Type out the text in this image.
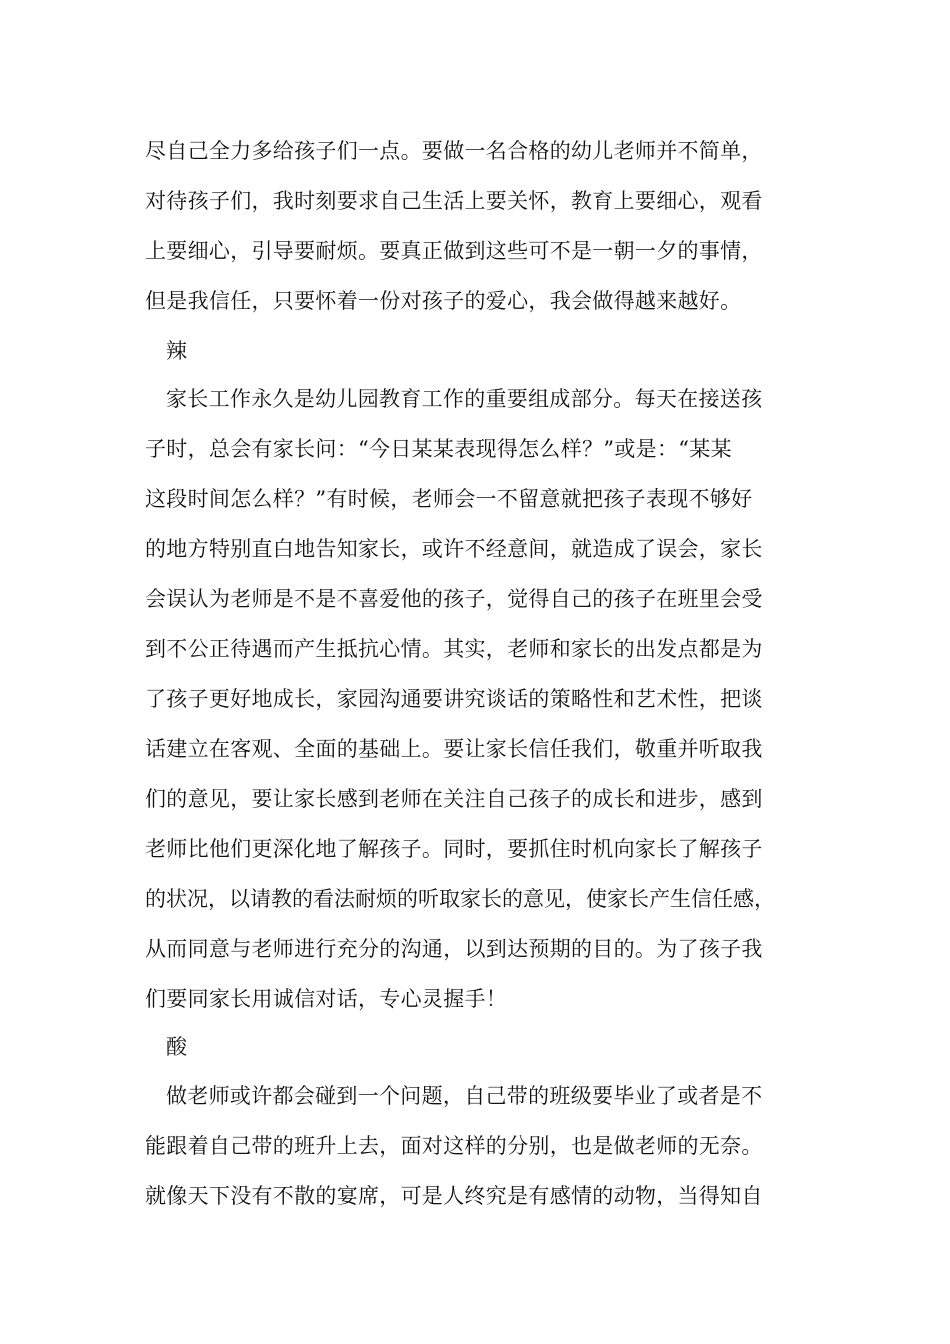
尽自己全力多给孩子们一点。要做一名合格的幼儿老师并不简单，
对待孩子们，我时刻要求自己生活上要关怀，教育上要细心，观看
上要细心，引导要耐烦。要真正做到这些可不是一朝一夕的事情，
但是我信任，只要怀着一份对孩子的爱心，我会做得越来越好。
辣
家长工作永久是幼儿园教育工作的重要组成部分。每天在接送孩
子时，总会有家长问：“今日某某表现得怎么样？”或是：“某某
这段时间怎么样？”有时候，老师会一不留意就把孩子表现不够好
的地方特别直白地告知家长，或许不经意间，就造成了误会，家长
会误认为老师是不是不喜爱他的孩子，觉得自己的孩子在班里会受
到不公正待遇而产生抵抗心情。其实，老师和家长的出发点都是为
了孩子更好地成长，家园沟通要讲究谈话的策略性和艺术性，把谈
话建立在客观、全面的基础上。要让家长信任我们，敬重并听取我
们的意见，要让家长感到老师在关注自己孩子的成长和进步，感到
老师比他们更深化地了解孩子。同时，要抓住时机向家长了解孩子
的状况，以请教的看法耐烦的听取家长的意见，使家长产生信任感，
从而同意与老师进行充分的沟通，以到达预期的目的。为了孩子我
们要同家长用诚信对话，专心灵握手！
酸
做老师或许都会碰到一个问题，自己带的班级要毕业了或者是不
能跟着自己带的班升上去，面对这样的分别，也是做老师的无奈。
就像天下没有不散的宴席，可是人终究是有感情的动物，当得知自
